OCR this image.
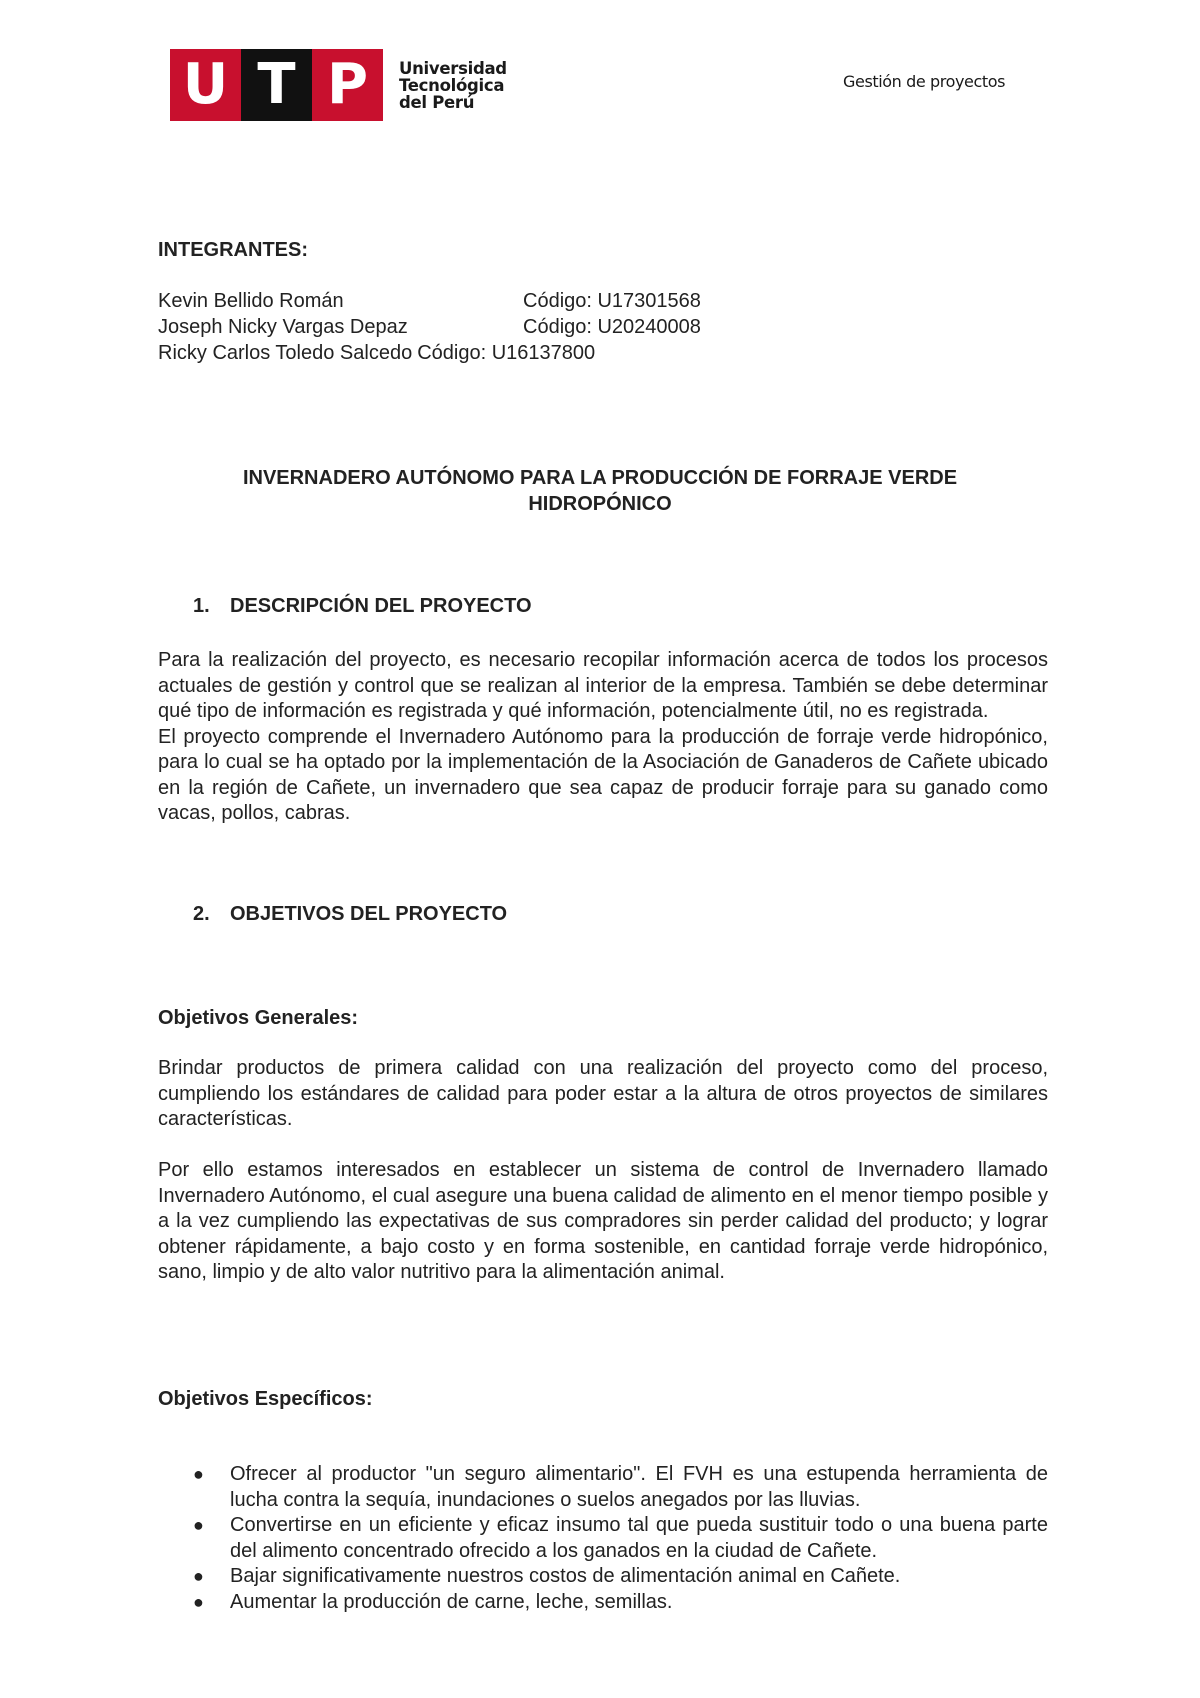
U T P	Universidad
Tecnológica
del Perú
Gestión de proyectos
INTEGRANTES:
Kevin Bellido Román	Código: U17301568
Joseph Nicky Vargas Depaz	Código: U20240008
Ricky Carlos Toledo Salcedo Código: U16137800
INVERNADERO AUTÓNOMO PARA LA PRODUCCIÓN DE FORRAJE VERDE
HIDROPÓNICO
1. DESCRIPCIÓN DEL PROYECTO

Para la realización del proyecto, es necesario recopilar información acerca de todos los procesos actuales de gestión y control que se realizan al interior de la empresa. También se debe determinar qué tipo de información es registrada y qué información, potencialmente útil, no es registrada.

El proyecto comprende el Invernadero Autónomo para la producción de forraje verde hidropónico, para lo cual se ha optado por la implementación de la Asociación de Ganaderos de Cañete ubicado en la región de Cañete, un invernadero que sea capaz de producir forraje para su ganado como vacas, pollos, cabras.

2. OBJETIVOS DEL PROYECTO
Objetivos Generales:
Brindar productos de primera calidad con una realización del proyecto como del proceso, cumpliendo los estándares de calidad para poder estar a la altura de otros proyectos de similares características.
Por ello estamos interesados en establecer un sistema de control de Invernadero llamado Invernadero Autónomo, el cual asegure una buena calidad de alimento en el menor tiempo posible y a la vez cumpliendo las expectativas de sus compradores sin perder calidad del producto; y lograr obtener rápidamente, a bajo costo y en forma sostenible, en cantidad forraje verde hidropónico, sano, limpio y de alto valor nutritivo para la alimentación animal.
Objetivos Específicos:
●	Ofrecer al productor "un seguro alimentario". El FVH es una estupenda herramienta de lucha contra la sequía, inundaciones o suelos anegados por las lluvias.
●	Convertirse en un eficiente y eficaz insumo tal que pueda sustituir todo o una buena parte del alimento concentrado ofrecido a los ganados en la ciudad de Cañete.
●	Bajar significativamente nuestros costos de alimentación animal en Cañete.
●	Aumentar la producción de carne, leche, semillas.
